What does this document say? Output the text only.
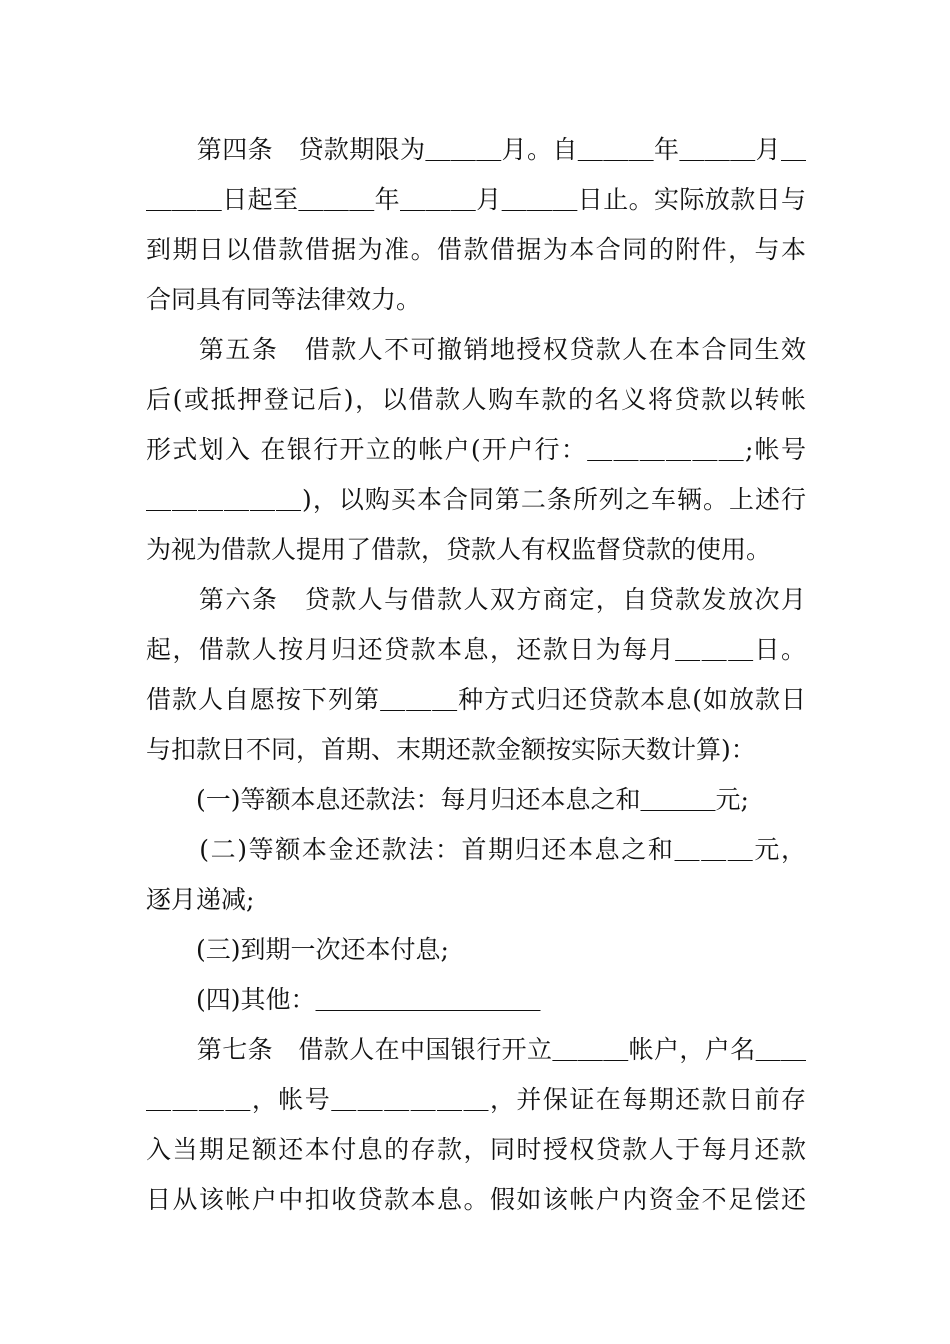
　　第四条　贷款期限为＿＿＿月。自＿＿＿年＿＿＿月＿
＿＿＿日起至＿＿＿年＿＿＿月＿＿＿日止。实际放款日与
到期日以借款借据为准。借款借据为本合同的附件，与本
合同具有同等法律效力。
　　第五条　借款人不可撤销地授权贷款人在本合同生效
后(或抵押登记后)，以借款人购车款的名义将贷款以转帐
形式划入 在银行开立的帐户(开户行：＿＿＿＿＿＿;帐号
＿＿＿＿＿＿)，以购买本合同第二条所列之车辆。上述行
为视为借款人提用了借款，贷款人有权监督贷款的使用。
　　第六条　贷款人与借款人双方商定，自贷款发放次月
起，借款人按月归还贷款本息，还款日为每月＿＿＿日。
借款人自愿按下列第＿＿＿种方式归还贷款本息(如放款日
与扣款日不同，首期、末期还款金额按实际天数计算)：
　　(一)等额本息还款法：每月归还本息之和＿＿＿元;
　　(二)等额本金还款法：首期归还本息之和＿＿＿元，
逐月递减;
　　(三)到期一次还本付息;
　　(四)其他：＿＿＿＿＿＿＿＿＿
　　第七条　借款人在中国银行开立＿＿＿帐户，户名＿＿
＿＿＿＿，帐号＿＿＿＿＿＿，并保证在每期还款日前存
入当期足额还本付息的存款，同时授权贷款人于每月还款
日从该帐户中扣收贷款本息。假如该帐户内资金不足偿还
